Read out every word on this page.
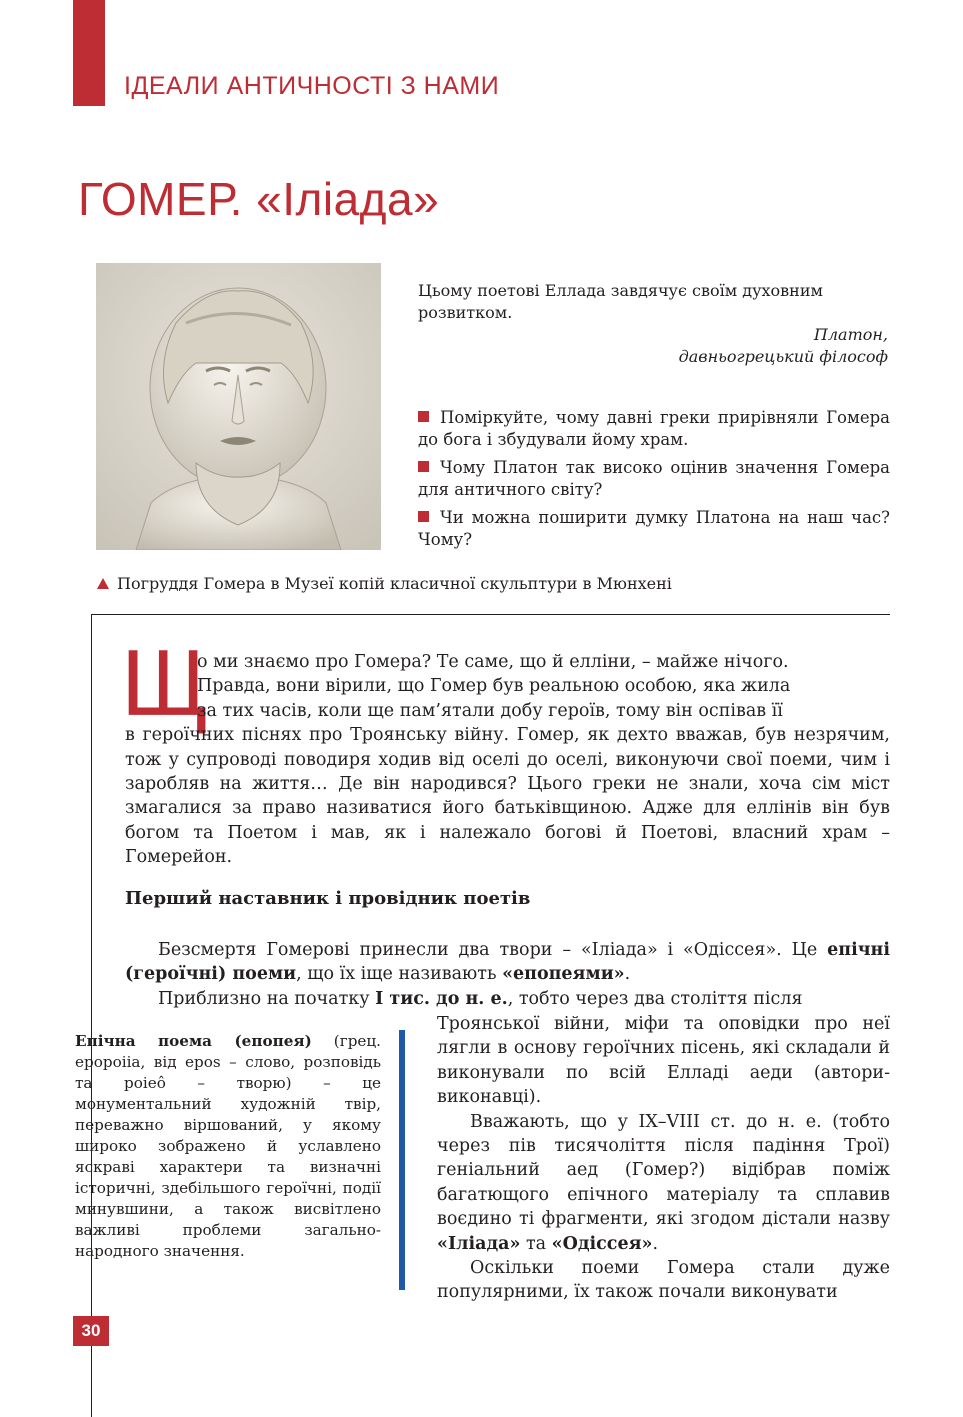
ІДЕАЛИ АНТИЧНОСТІ З НАМИ
ГОМЕР. «Іліада»
Цьому поетові Еллада завдячує своїм духовним розвитком.
Платон,
давньогрецький філософ
Поміркуйте, чому давні греки прирівняли Гомера до бога і збудували йому храм.
Чому Платон так високо оцінив значення Гомера для античного світу?
Чи можна поширити думку Платона на наш час? Чому?
Погруддя Гомера в Музеї копій класичної скульптури в Мюнхені
Щ
о ми знаємо про Гомера? Те саме, що й елліни, – майже нічого.
Правда, вони вірили, що Гомер був реальною особою, яка жила
за тих часів, коли ще пам’ятали добу героїв, тому він оспівав її
в героїчних піснях про Троянську війну. Гомер, як дехто вважав, був незрячим, тож у супроводі поводиря ходив від оселі до оселі, виконуючи свої поеми, чим і заробляв на життя… Де він народився? Цього греки не знали, хоча сім міст змагалися за право називатися його батьківщиною. Адже для еллінів він був богом та Поетом і мав, як і належало богові й Поетові, власний храм – Гомерейон.
Перший наставник і провідник поетів
Безсмертя Гомерові принесли два твори – «Іліада» і «Одіссея». Це епічні (героїчні) поеми, що їх іще називають «епопеями».
Приблизно на початку I тис. до н. е., тобто через два століття після

Троянської війни, міфи та оповідки про неї лягли в основу героїчних пісень, які складали й виконували по всій Елладі аеди (автори-виконавці).

Вважають, що у IX–VIII ст. до н. е. (тобто через пів тисячоліття після падіння Трої) геніальний аед (Гомер?) відібрав поміж багатющого епічного матеріалу та сплавив воєдино ті фрагменти, які згодом дістали назву «Іліада» та «Одіссея».

Оскільки поеми Гомера стали дуже популярними, їх також почали виконувати

Епічна поема (епопея) (грец. epopoiia, від epos – слово, розповідь та poieô – творю) – це монументальний художній твір, переважно віршований, у якому широко зображено й уславлено яскраві характери та визначні історичні, здебільшого героїчні, події минувшини, а також висвітлено важливі проблеми загальнонародного значення.
30
